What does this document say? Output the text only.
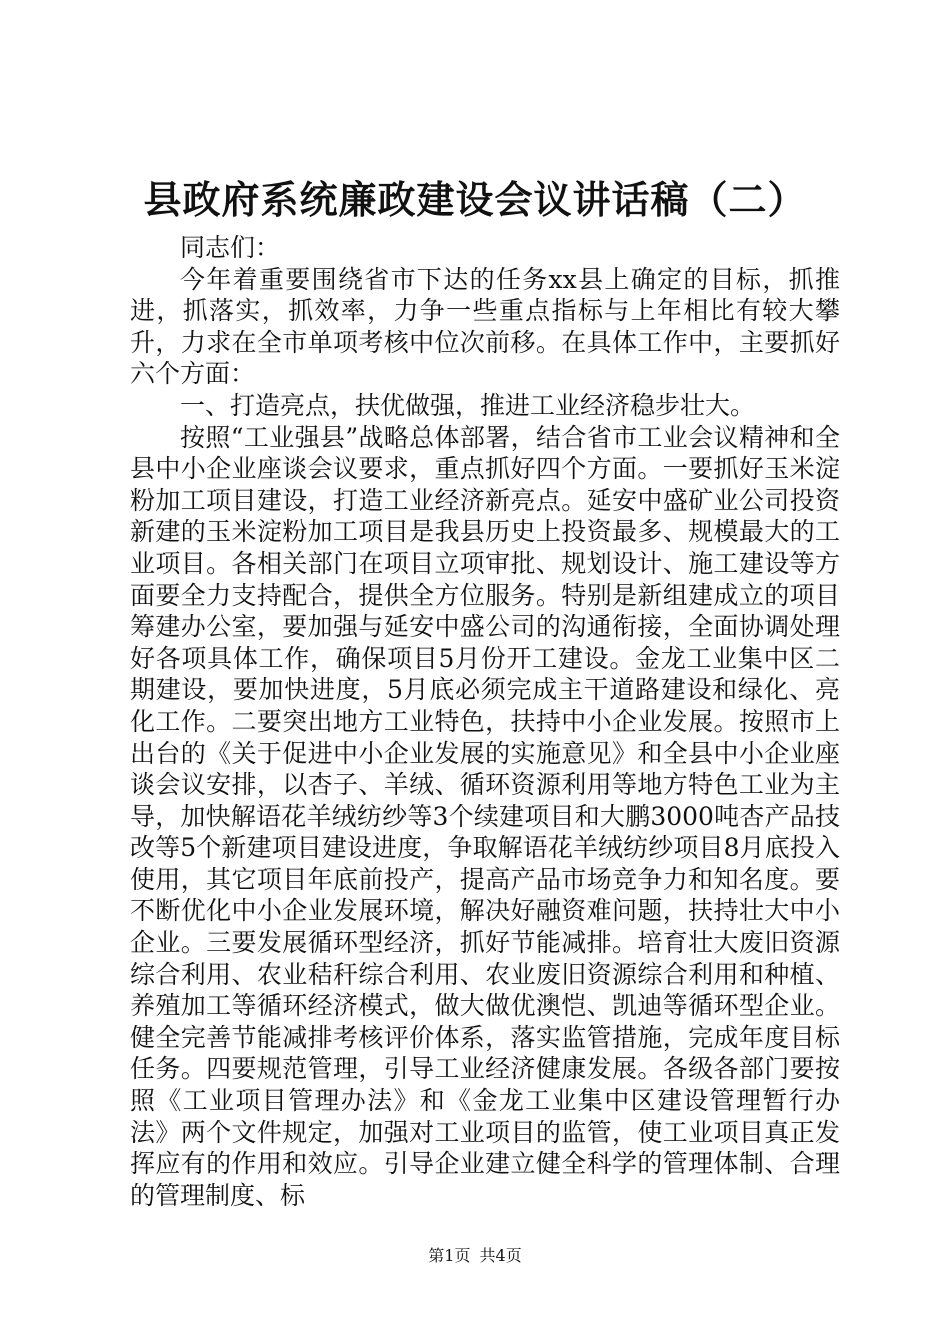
县政府系统廉政建设会议讲话稿（二）

同志们：

今年着重要围绕省市下达的任务xx县上确定的目标，抓推进，抓落实，抓效率，力争一些重点指标与上年相比有较大攀升，力求在全市单项考核中位次前移。在具体工作中，主要抓好六个方面：

一、打造亮点，扶优做强，推进工业经济稳步壮大。

按照“工业强县”战略总体部署，结合省市工业会议精神和全县中小企业座谈会议要求，重点抓好四个方面。一要抓好玉米淀粉加工项目建设，打造工业经济新亮点。延安中盛矿业公司投资新建的玉米淀粉加工项目是我县历史上投资最多、规模最大的工业项目。各相关部门在项目立项审批、规划设计、施工建设等方面要全力支持配合，提供全方位服务。特别是新组建成立的项目筹建办公室，要加强与延安中盛公司的沟通衔接，全面协调处理好各项具体工作，确保项目5月份开工建设。金龙工业集中区二期建设，要加快进度，5月底必须完成主干道路建设和绿化、亮化工作。二要突出地方工业特色，扶持中小企业发展。按照市上出台的《关于促进中小企业发展的实施意见》和全县中小企业座谈会议安排，以杏子、羊绒、循环资源利用等地方特色工业为主导，加快解语花羊绒纺纱等3个续建项目和大鹏3000吨杏产品技改等5个新建项目建设进度，争取解语花羊绒纺纱项目8月底投入使用，其它项目年底前投产，提高产品市场竞争力和知名度。要不断优化中小企业发展环境，解决好融资难问题，扶持壮大中小企业。三要发展循环型经济，抓好节能减排。培育壮大废旧资源综合利用、农业秸秆综合利用、农业废旧资源综合利用和种植、养殖加工等循环经济模式，做大做优澳恺、凯迪等循环型企业。健全完善节能减排考核评价体系，落实监管措施，完成年度目标任务。四要规范管理，引导工业经济健康发展。各级各部门要按照《工业项目管理办法》和《金龙工业集中区建设管理暂行办法》两个文件规定，加强对工业项目的监管，使工业项目真正发挥应有的作用和效应。引导企业建立健全科学的管理体制、合理的管理制度、标

第1页 共4页
